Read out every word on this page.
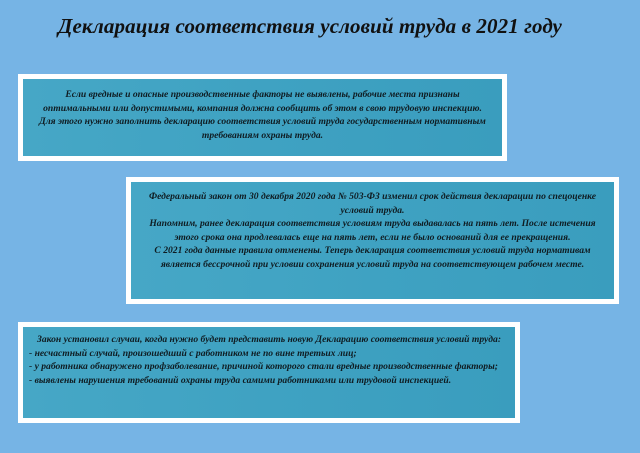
Декларация соответствия условий труда в 2021 году
Если вредные и опасные производственные факторы не выявлены, рабочие места признаны оптимальными или допустимыми, компания должна сообщить об этом в свою трудовую инспекцию. Для этого нужно заполнить декларацию соответствия условий труда государственным нормативным требованиям охраны труда.
Федеральный закон от 30 декабря 2020 года № 503-ФЗ изменил срок действия декларации по спецоценке условий труда.
Напомним, ранее декларация соответствия условиям труда выдавалась на пять лет. После истечения этого срока она продлевалась еще на пять лет, если не было оснований для ее прекращения.
С 2021 года данные правила отменены. Теперь декларация соответствия условий труда нормативам является бессрочной при условии сохранения условий труда на соответствующем рабочем месте.
Закон установил случаи, когда нужно будет представить новую Декларацию соответствия условий труда:
- несчастный случай, произошедший с работником не по вине третьих лиц;
- у работника обнаружено профзаболевание, причиной которого стали вредные производственные факторы;
- выявлены нарушения требований охраны труда самими работниками или трудовой инспекцией.
